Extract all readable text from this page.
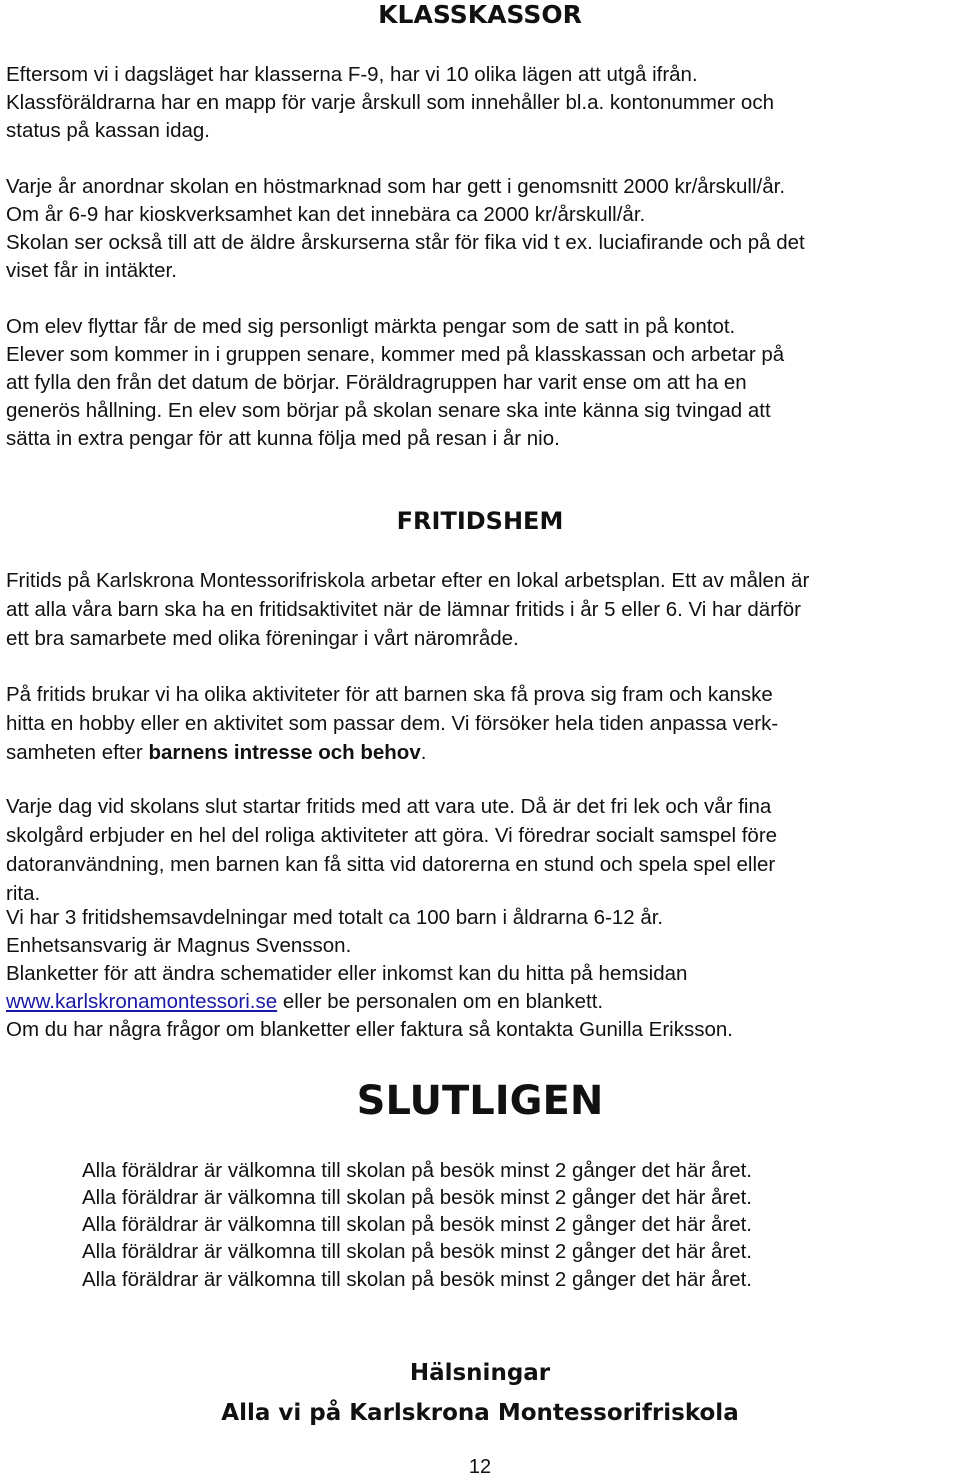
KLASSKASSOR
Eftersom vi i dagsläget har klasserna F-9, har vi 10 olika lägen att utgå ifrån.
Klassföräldrarna har en mapp för varje årskull som innehåller bl.a. kontonummer och
status på kassan idag.
Varje år anordnar skolan en höstmarknad som har gett i genomsnitt 2000 kr/årskull/år.
Om år 6-9 har kioskverksamhet kan det innebära ca 2000 kr/årskull/år.
Skolan ser också till att de äldre årskurserna står för fika vid t ex. luciafirande och på det
viset får in intäkter.
Om elev flyttar får de med sig personligt märkta pengar som de satt in på kontot.
Elever som kommer in i gruppen senare, kommer med på klasskassan och arbetar på
att fylla den från det datum de börjar. Föräldragruppen har varit ense om att ha en
generös hållning. En elev som börjar på skolan senare ska inte känna sig tvingad att
sätta in extra pengar för att kunna följa med på resan i år nio.
FRITIDSHEM
Fritids på Karlskrona Montessorifriskola arbetar efter en lokal arbetsplan. Ett av målen är
att alla våra barn ska ha en fritidsaktivitet när de lämnar fritids i år 5 eller 6. Vi har därför
ett bra samarbete med olika föreningar i vårt närområde.
På fritids brukar vi ha olika aktiviteter för att barnen ska få prova sig fram och kanske
hitta en hobby eller en aktivitet som passar dem. Vi försöker hela tiden anpassa verk-
samheten efter barnens intresse och behov.
Varje dag vid skolans slut startar fritids med att vara ute. Då är det fri lek och vår fina
skolgård erbjuder en hel del roliga aktiviteter att göra. Vi föredrar socialt samspel före
datoranvändning, men barnen kan få sitta vid datorerna en stund och spela spel eller
rita.
Vi har 3 fritidshemsavdelningar med totalt ca 100 barn i åldrarna 6-12 år.
Enhetsansvarig är Magnus Svensson.
Blanketter för att ändra schematider eller inkomst kan du hitta på hemsidan
www.karlskronamontessori.se eller be personalen om en blankett.
Om du har några frågor om blanketter eller faktura så kontakta Gunilla Eriksson.
SLUTLIGEN
Alla föräldrar är välkomna till skolan på besök minst 2 gånger det här året.
Alla föräldrar är välkomna till skolan på besök minst 2 gånger det här året.
Alla föräldrar är välkomna till skolan på besök minst 2 gånger det här året.
Alla föräldrar är välkomna till skolan på besök minst 2 gånger det här året.
Alla föräldrar är välkomna till skolan på besök minst 2 gånger det här året.
Hälsningar
Alla vi på Karlskrona Montessorifriskola
12
